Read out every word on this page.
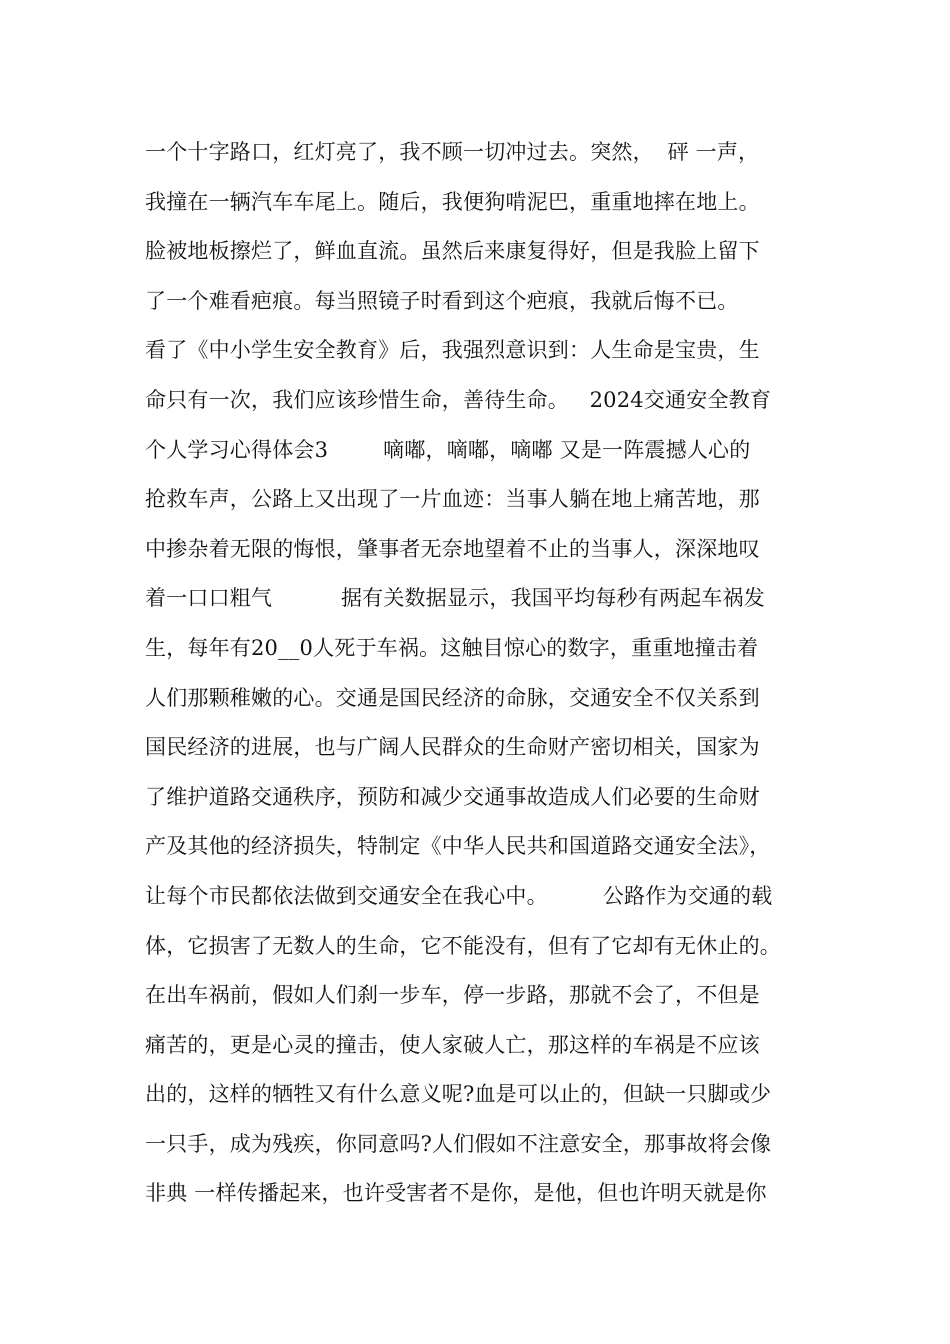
一个十字路口，红灯亮了，我不顾一切冲过去。突然，  砰 一声，
我撞在一辆汽车车尾上。随后，我便狗啃泥巴，重重地摔在地上。
脸被地板擦烂了，鲜血直流。虽然后来康复得好，但是我脸上留下
了一个难看疤痕。每当照镜子时看到这个疤痕，我就后悔不已。
看了《中小学生安全教育》后，我强烈意识到：人生命是宝贵，生
命只有一次，我们应该珍惜生命，善待生命。   2024交通安全教育
个人学习心得体会3        嘀嘟，嘀嘟，嘀嘟 又是一阵震撼人心的
抢救车声，公路上又出现了一片血迹：当事人躺在地上痛苦地，那
中掺杂着无限的悔恨，肇事者无奈地望着不止的当事人，深深地叹
着一口口粗气          据有关数据显示，我国平均每秒有两起车祸发
生，每年有20__0人死于车祸。这触目惊心的数字，重重地撞击着
人们那颗稚嫩的心。交通是国民经济的命脉，交通安全不仅关系到
国民经济的进展，也与广阔人民群众的生命财产密切相关，国家为
了维护道路交通秩序，预防和减少交通事故造成人们必要的生命财
产及其他的经济损失，特制定《中华人民共和国道路交通安全法》，
让每个市民都依法做到交通安全在我心中。        公路作为交通的载
体，它损害了无数人的生命，它不能没有，但有了它却有无休止的。
在出车祸前，假如人们刹一步车，停一步路，那就不会了，不但是
痛苦的，更是心灵的撞击，使人家破人亡，那这样的车祸是不应该
出的，这样的牺牲又有什么意义呢?血是可以止的，但缺一只脚或少
一只手，成为残疾，你同意吗?人们假如不注意安全，那事故将会像
非典 一样传播起来，也许受害者不是你，是他，但也许明天就是你
